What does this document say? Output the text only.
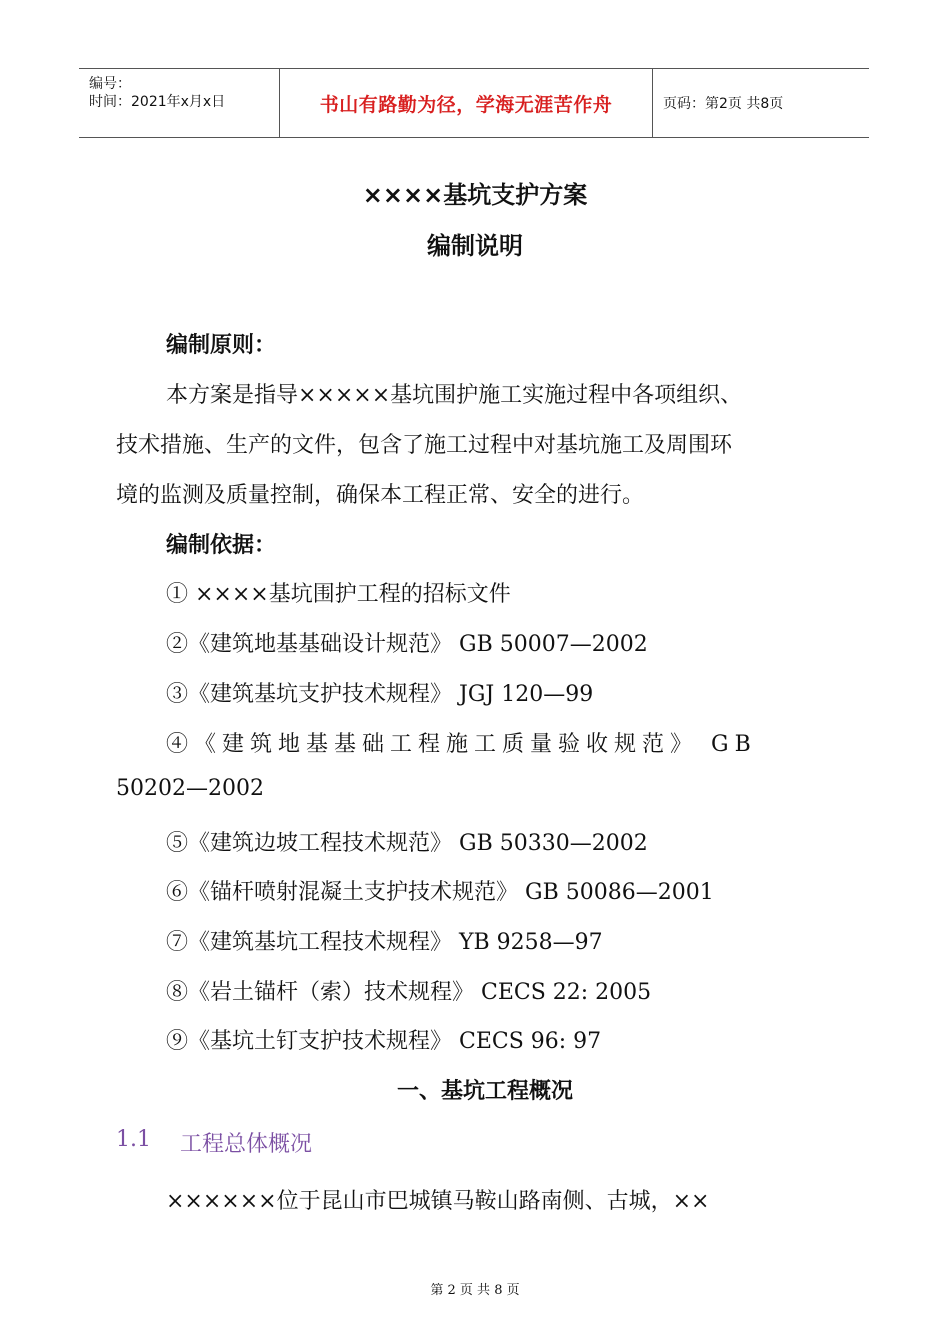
编号：
时间：2021年x月x日	书山有路勤为径，学海无涯苦作舟	页码：第2页 共8页
××××基坑支护方案
编制说明
编制原则：
本方案是指导×××××基坑围护施工实施过程中各项组织、
技术措施、生产的文件，包含了施工过程中对基坑施工及周围环
境的监测及质量控制，确保本工程正常、安全的进行。
编制依据：
① ××××基坑围护工程的招标文件
②《建筑地基基础设计规范》 GB 50007—2002
③《建筑基坑支护技术规程》 JGJ 120—99
④《建筑地基基础工程施工质量验收规范》 GB
50202—2002
⑤《建筑边坡工程技术规范》 GB 50330—2002
⑥《锚杆喷射混凝土支护技术规范》 GB 50086—2001
⑦《建筑基坑工程技术规程》 YB 9258—97
⑧《岩土锚杆（索）技术规程》 CECS 22: 2005
⑨《基坑土钉支护技术规程》 CECS 96: 97
一、基坑工程概况
1.1 工程总体概况
××××××位于昆山市巴城镇马鞍山路南侧、古城，××
第 2 页 共 8 页
